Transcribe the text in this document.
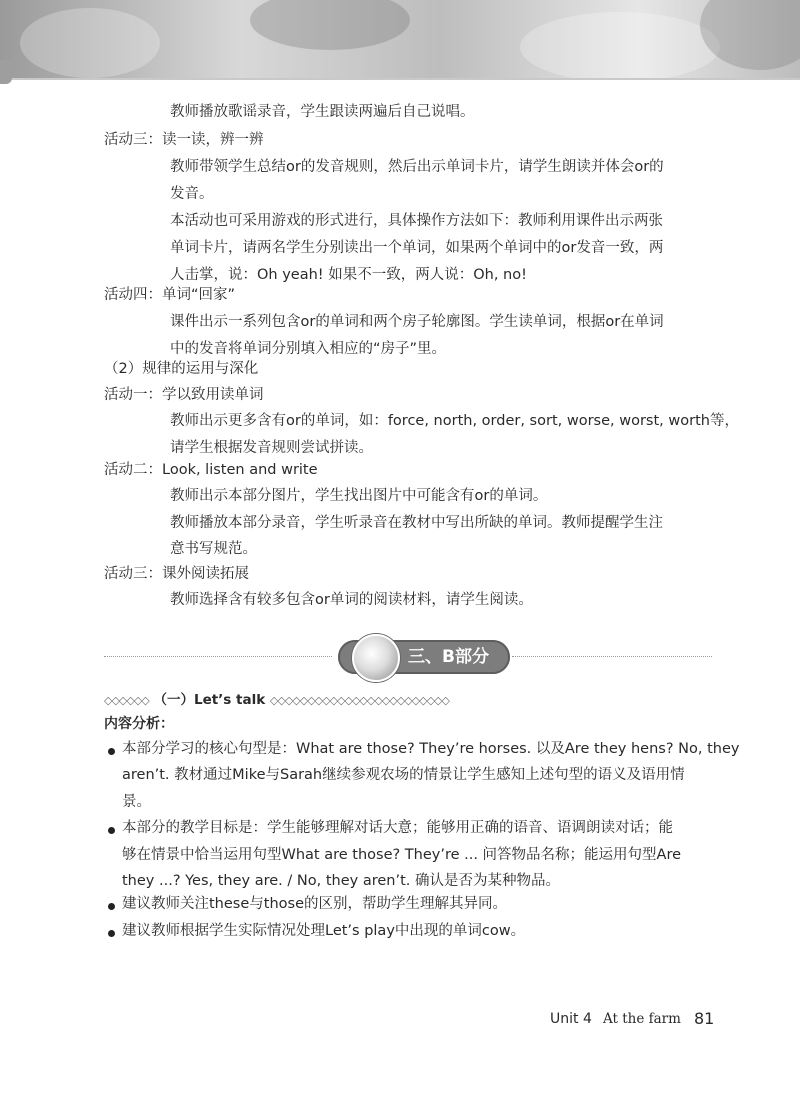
教师播放歌谣录音，学生跟读两遍后自己说唱。
活动三：读一读，辨一辨
教师带领学生总结or的发音规则，然后出示单词卡片，请学生朗读并体会or的
发音。
本活动也可采用游戏的形式进行，具体操作方法如下：教师利用课件出示两张
单词卡片，请两名学生分别读出一个单词，如果两个单词中的or发音一致，两
人击掌，说：Oh yeah! 如果不一致，两人说：Oh, no!
活动四：单词“回家”
课件出示一系列包含or的单词和两个房子轮廓图。学生读单词，根据or在单词
中的发音将单词分别填入相应的“房子”里。
（2）规律的运用与深化
活动一：学以致用读单词
教师出示更多含有or的单词，如：force, north, order, sort, worse, worst, worth等，
请学生根据发音规则尝试拼读。
活动二：Look, listen and write
教师出示本部分图片，学生找出图片中可能含有or的单词。
教师播放本部分录音，学生听录音在教材中写出所缺的单词。教师提醒学生注
意书写规范。
活动三：课外阅读拓展
教师选择含有较多包含or单词的阅读材料，请学生阅读。
三、B部分
◇◇◇◇◇◇ （一）Let’s talk ◇◇◇◇◇◇◇◇◇◇◇◇◇◇◇◇◇◇◇◇◇◇◇◇
内容分析：
本部分学习的核心句型是：What are those? They’re horses. 以及Are they hens? No, they
aren’t. 教材通过Mike与Sarah继续参观农场的情景让学生感知上述句型的语义及语用情
景。
本部分的教学目标是：学生能够理解对话大意；能够用正确的语音、语调朗读对话；能
够在情景中恰当运用句型What are those? They’re ... 问答物品名称；能运用句型Are
they ...? Yes, they are. / No, they aren’t. 确认是否为某种物品。
建议教师关注these与those的区别，帮助学生理解其异同。
建议教师根据学生实际情况处理Let’s play中出现的单词cow。
Unit 4 At the farm 81
